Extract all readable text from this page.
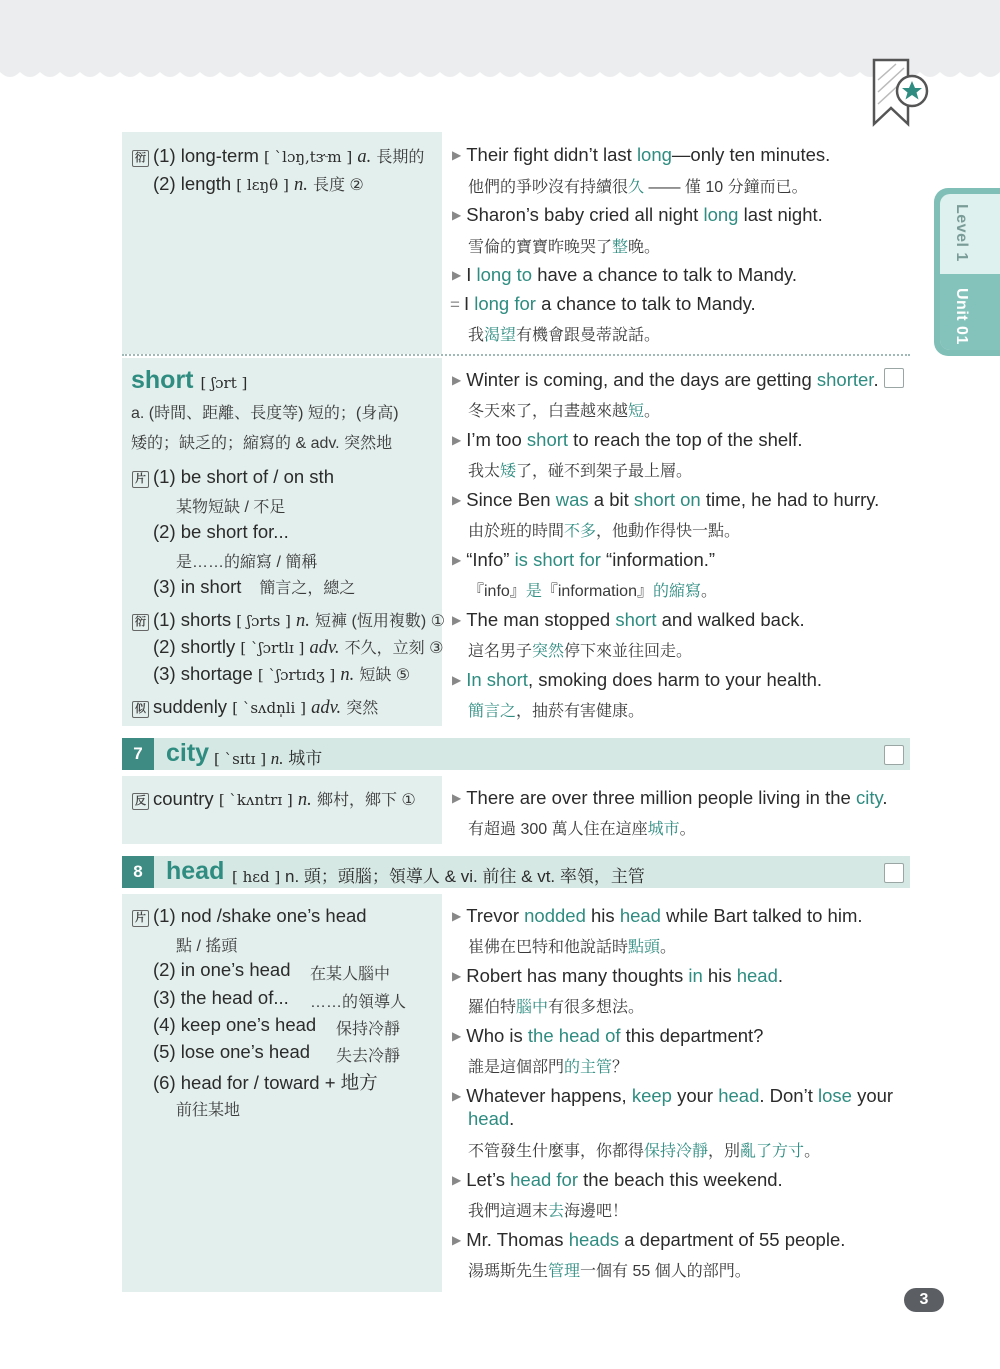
Level 1
Unit 01
衍 (1) long-term [ ˋlɔŋ,tɝm ] a. 長期的
(2) length [ lɛŋθ ] n. 長度 ②
▶ Their fight didn’t last long—only ten minutes.
他們的爭吵沒有持續很久 —— 僅 10 分鐘而已。
▶ Sharon’s baby cried all night long last night.
雪倫的寶寶昨晚哭了整晚。
▶ I long to have a chance to talk to Mandy.
= I long for a chance to talk to Mandy.
我渴望有機會跟曼蒂說話。
short [ ʃɔrt ]
a. (時間、距離、長度等) 短的；(身高)
矮的；缺乏的；縮寫的 & adv. 突然地
片 (1) be short of / on sth
某物短缺 / 不足
(2) be short for...
是……的縮寫 / 簡稱
(3) in short 簡言之，總之
衍 (1) shorts [ ʃɔrts ] n. 短褲 (恆用複數) ①
(2) shortly [ ˋʃɔrtlɪ ] adv. 不久，立刻 ③
(3) shortage [ ˋʃɔrtɪdʒ ] n. 短缺 ⑤
似 suddenly [ ˋsʌdn̩li ] adv. 突然
▶ Winter is coming, and the days are getting shorter.
冬天來了，白晝越來越短。
▶ I’m too short to reach the top of the shelf.
我太矮了，碰不到架子最上層。
▶ Since Ben was a bit short on time, he had to hurry.
由於班的時間不多，他動作得快一點。
▶ “Info” is short for “information.”
『info』是『information』的縮寫。
▶ The man stopped short and walked back.
這名男子突然停下來並往回走。
▶ In short, smoking does harm to your health.
簡言之，抽菸有害健康。
7 city [ ˋsɪtɪ ] n. 城市
反 country [ ˋkʌntrɪ ] n. 鄉村，鄉下 ①	▶ There are over three million people living in the city.
有超過 300 萬人住在這座城市。
8 head [ hɛd ] n. 頭；頭腦；領導人 & vi. 前往 & vt. 率領，主管
片 (1) nod /shake one’s head
點 / 搖頭
(2) in one’s head 在某人腦中
(3) the head of... ……的領導人
(4) keep one’s head 保持冷靜
(5) lose one’s head 失去冷靜
(6) head for / toward + 地方
前往某地
▶ Trevor nodded his head while Bart talked to him.
崔佛在巴特和他說話時點頭。
▶ Robert has many thoughts in his head.
羅伯特腦中有很多想法。
▶ Who is the head of this department?
誰是這個部門的主管？
▶ Whatever happens, keep your head. Don’t lose your
head.
不管發生什麼事，你都得保持冷靜，別亂了方寸。
▶ Let’s head for the beach this weekend.
我們這週末去海邊吧！
▶ Mr. Thomas heads a department of 55 people.
湯瑪斯先生管理一個有 55 個人的部門。
3
